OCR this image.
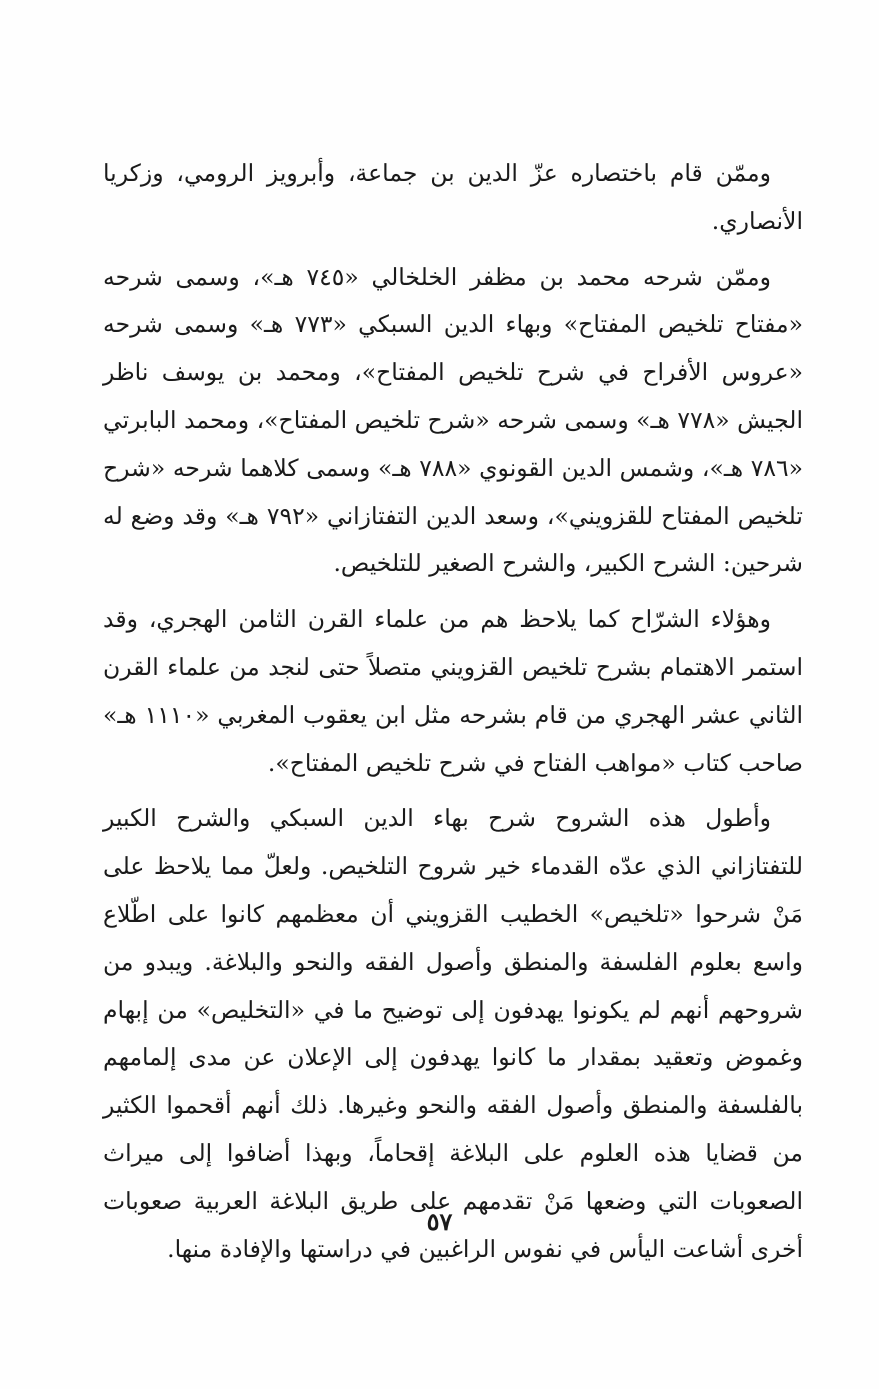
وممّن قام باختصاره عزّ الدين بن جماعة، وأبرويز الرومي، وزكريا الأنصاري.

وممّن شرحه محمد بن مظفر الخلخالي «٧٤٥ هـ»، وسمى شرحه «مفتاح تلخيص المفتاح» وبهاء الدين السبكي «٧٧٣ هـ» وسمى شرحه «عروس الأفراح في شرح تلخيص المفتاح»، ومحمد بن يوسف ناظر الجيش «٧٧٨ هـ» وسمى شرحه «شرح تلخيص المفتاح»، ومحمد البابرتي «٧٨٦ هـ»، وشمس الدين القونوي «٧٨٨ هـ» وسمى كلاهما شرحه «شرح تلخيص المفتاح للقزويني»، وسعد الدين التفتازاني «٧٩٢ هـ» وقد وضع له شرحين: الشرح الكبير، والشرح الصغير للتلخيص.

وهؤلاء الشرّاح كما يلاحظ هم من علماء القرن الثامن الهجري، وقد استمر الاهتمام بشرح تلخيص القزويني متصلاً حتى لنجد من علماء القرن الثاني عشر الهجري من قام بشرحه مثل ابن يعقوب المغربي «١١١٠ هـ» صاحب كتاب «مواهب الفتاح في شرح تلخيص المفتاح».

وأطول هذه الشروح شرح بهاء الدين السبكي والشرح الكبير للتفتازاني الذي عدّه القدماء خير شروح التلخيص. ولعلّ مما يلاحظ على مَنْ شرحوا «تلخيص» الخطيب القزويني أن معظمهم كانوا على اطّلاع واسع بعلوم الفلسفة والمنطق وأصول الفقه والنحو والبلاغة. ويبدو من شروحهم أنهم لم يكونوا يهدفون إلى توضيح ما في «التخليص» من إبهام وغموض وتعقيد بمقدار ما كانوا يهدفون إلى الإعلان عن مدى إلمامهم بالفلسفة والمنطق وأصول الفقه والنحو وغيرها. ذلك أنهم أقحموا الكثير من قضايا هذه العلوم على البلاغة إقحاماً، وبهذا أضافوا إلى ميراث الصعوبات التي وضعها مَنْ تقدمهم على طريق البلاغة العربية صعوبات أخرى أشاعت اليأس في نفوس الراغبين في دراستها والإفادة منها.

٥٧
